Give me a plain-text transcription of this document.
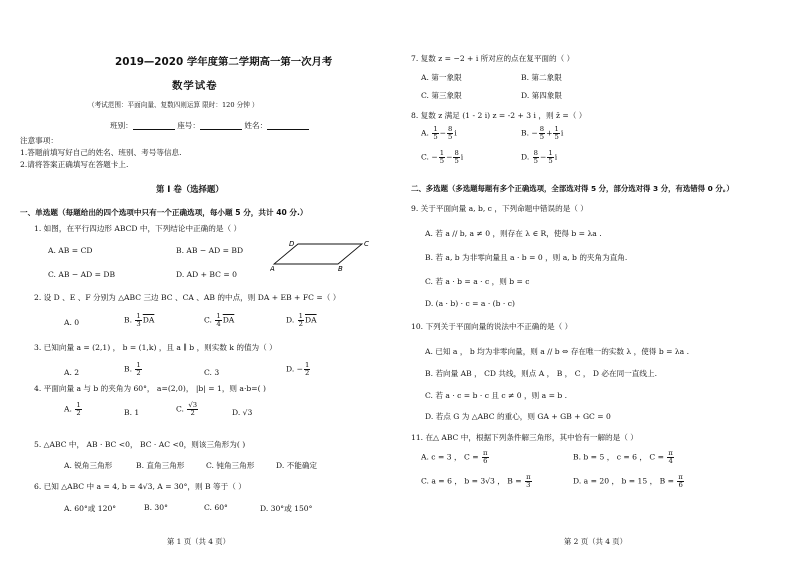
2019—2020 学年度第二学期高一第一次月考
数学试卷
（考试范围：平面向量、复数四则运算 限时：120 分钟 ）
班别：	座号：	姓名：
注意事项：
1.答题前填写好自己的姓名、班别、考号等信息.
2.请将答案正确填写在答题卡上.
第 I 卷（选择题）
一、单选题（每题给出的四个选项中只有一个正确选项，每小题 5 分，共计 40 分.）
1. 如图，在平行四边形 ABCD 中，下列结论中正确的是（ ）
A. AB = CD	B. AB − AD = BD
C. AB − AD = DB	D. AD + BC = 0
D	C
A	B
2. 设 D 、E 、F 分别为 △ABC 三边 BC 、CA 、AB 的中点，则 DA + EB + FC =（ ）
A. 0	B. $\frac{1}{3} \overline{DA}$	C. $\frac{1}{4} \overline{DA}$	D. $\frac{1}{2} \overline{DA}$
3. 已知向量 a = (2,1) ， b = (1,k) ，且 a ∥ b ，则实数 k 的值为（ ）
A. 2	B. $\frac{1}{2}$	C. 3	D. − $\frac{1}{2}$
4. 平面向量 a 与 b 的夹角为 60°， a=(2,0)， |b| = 1，则 a·b=( )
A. $\frac{1}{2}$	B. 1	C. $\frac{√3}{2}$	D. √3
5. △ABC 中， AB · BC <0， BC · AC <0，则该三角形为( )
A. 锐角三角形	B. 直角三角形	C. 钝角三角形	D. 不能确定
6. 已知 △ABC 中 a = 4, b = 4√3, A = 30°，则 B 等于（ ）
A. 60°或 120°	B. 30°	C. 60°	D. 30°或 150°
第 1 页（共 4 页）
7. 复数 z = −2 + i 所对应的点在复平面的（ ）
A. 第一象限	B. 第二象限
C. 第三象限	D. 第四象限
8. 复数 z 满足 (1 - 2 i) z = -2 + 3 i ，则 z̄ =（ ）
A. $\frac{1}{5} - \frac{8}{5}$ i	B. − $\frac{8}{5} + \frac{1}{5}$ i
C. − $\frac{1}{5} - \frac{8}{5}$ i	D. $\frac{8}{5} - \frac{1}{5}$ i
二、多选题（多选题每题有多个正确选项，全部选对得 5 分，部分选对得 3 分，有选错得 0 分。）
9. 关于平面向量 a, b, c ，下列命题中错误的是（ ）
A. 若 a // b, a ≠ 0 ，则存在 λ ∈ R，使得 b = λa .
B. 若 a, b 为非零向量且 a · b = 0 ，则 a, b 的夹角为直角.
C. 若 a · b = a · c ，则 b = c
D. (a · b) · c = a · (b · c)
10. 下列关于平面向量的说法中不正确的是（ ）
A. 已知 a ， b 均为非零向量，则 a // b ⇔ 存在唯一的实数 λ ，使得 b = λa .
B. 若向量 AB ， CD 共线，则点 A ， B ， C ， D 必在同一直线上.
C. 若 a · c = b · c 且 c ≠ 0 ，则 a = b .
D. 若点 G 为 △ABC 的重心，则 GA + GB + GC = 0
11. 在△ ABC 中，根据下列条件解三角形，其中恰有一解的是（ ）
A. c = 3 ， $C = \frac{\pi}{6}$	B. b = 5 ， c = 6 ， $C = \frac{\pi}{4}$
C. a = 6 ， b = 3√3 ， $B = \frac{\pi}{3}$	D. a = 20 ， b = 15 ， $B = \frac{\pi}{6}$
第 2 页（共 4 页）
